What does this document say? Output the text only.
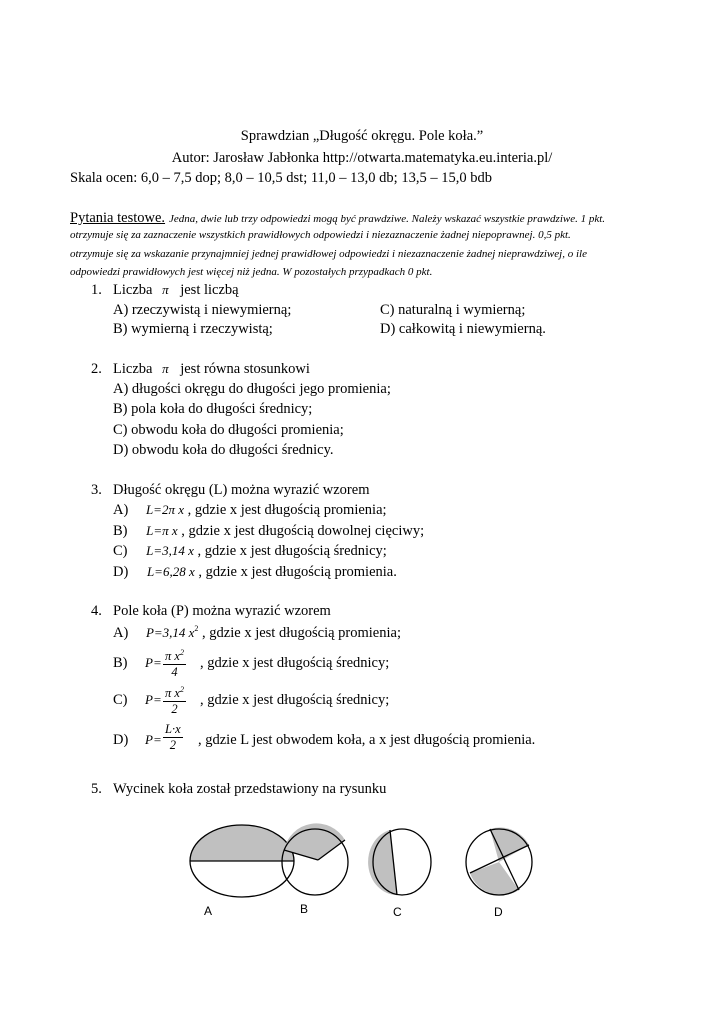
Sprawdzian „Długość okręgu. Pole koła.”
Autor: Jarosław Jabłonka http://otwarta.matematyka.eu.interia.pl/
Skala ocen: 6,0 – 7,5 dop; 8,0 – 10,5 dst; 11,0 – 13,0 db; 13,5 – 15,0 bdb
Pytania testowe. Jedna, dwie lub trzy odpowiedzi mogą być prawdziwe. Należy wskazać wszystkie prawdziwe. 1 pkt.
otrzymuje się za zaznaczenie wszystkich prawidłowych odpowiedzi i niezaznaczenie żadnej niepoprawnej. 0,5 pkt.
otrzymuje się za wskazanie przynajmniej jednej prawidłowej odpowiedzi i niezaznaczenie żadnej nieprawdziwej, o ile
odpowiedzi prawidłowych jest więcej niż jedna. W pozostałych przypadkach 0 pkt.
1. Liczba π jest liczbą
A) rzeczywistą i niewymierną;	C) naturalną i wymierną;
B) wymierną i rzeczywistą;	D) całkowitą i niewymierną.
2. Liczba π jest równa stosunkowi
A) długości okręgu do długości jego promienia;
B) pola koła do długości średnicy;
C) obwodu koła do długości promienia;
D) obwodu koła do długości średnicy.
3. Długość okręgu (L) można wyrazić wzorem
A) L=2π x , gdzie x jest długością promienia;
B) L=π x , gdzie x jest długością dowolnej cięciwy;
C) L=3,14 x , gdzie x jest długością średnicy;
D) L=6,28 x , gdzie x jest długością promienia.
4. Pole koła (P) można wyrazić wzorem
A) P=3,14 $x^2$ , gdzie x jest długością promienia;
B) $P= \frac{\pi x^2}{4}$ , gdzie x jest długością średnicy;
C) $P= \frac{\pi x^2}{2}$ , gdzie x jest długością średnicy;
D) $P= \frac{L\cdot x}{2}$ , gdzie L jest obwodem koła, a x jest długością promienia.
5. Wycinek koła został przedstawiony na rysunku
A	B	C	D
